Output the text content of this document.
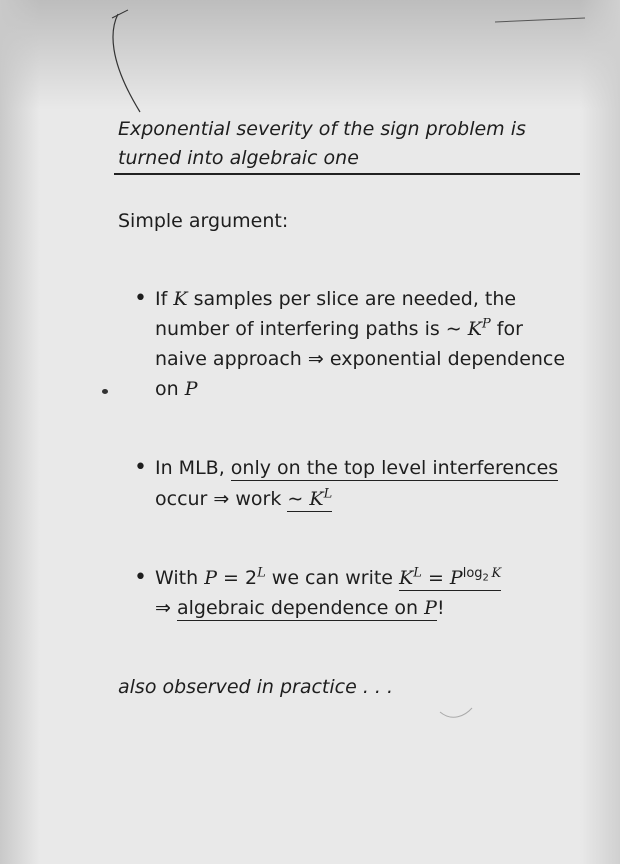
Exponential severity of the sign problem is
turned into algebraic one
Simple argument:
• If K samples per slice are needed, the
number of interfering paths is ∼ $K^P$ for
naive approach ⇒ exponential dependence
on P
• In MLB, only on the top level interferences
occur ⇒ work ∼ $K^L$
• With $P = 2^L$ we can write $K^L = P^{log_2 K}$
⇒ algebraic dependence on P!
also observed in practice . . .
